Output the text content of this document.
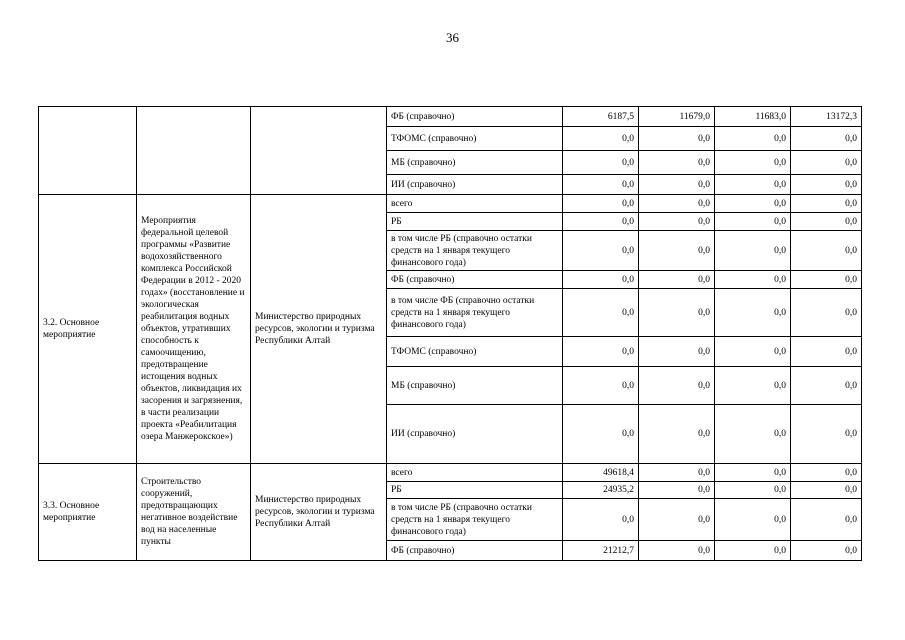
36
			ФБ (справочно)	6187,5	11679,0	11683,0	13172,3
			ТФОМС (справочно)	0,0	0,0	0,0	0,0
			МБ (справочно)	0,0	0,0	0,0	0,0
			ИИ (справочно)	0,0	0,0	0,0	0,0
3.2. Основное мероприятие	Мероприятия федеральной целевой программы «Развитие водохозяйственного комплекса Российской Федерации в 2012 - 2020 годах» (восстановление и экологическая реабилитация водных объектов, утративших способность к самоочищению, предотвращение истощения водных объектов, ликвидация их засорения и загрязнения, в части реализации проекта «Реабилитация озера Манжерокское»)	Министерство природных ресурсов, экологии и туризма Республики Алтай	всего	0,0	0,0	0,0	0,0
			РБ	0,0	0,0	0,0	0,0
			в том числе РБ (справочно остатки средств на 1 января текущего финансового года)	0,0	0,0	0,0	0,0
			ФБ (справочно)	0,0	0,0	0,0	0,0
			в том числе ФБ (справочно остатки средств на 1 января текущего финансового года)	0,0	0,0	0,0	0,0
			ТФОМС (справочно)	0,0	0,0	0,0	0,0
			МБ (справочно)	0,0	0,0	0,0	0,0
			ИИ (справочно)	0,0	0,0	0,0	0,0
3.3. Основное мероприятие	Строительство сооружений, предотвращающих негативное воздействие вод на населенные пункты	Министерство природных ресурсов, экологии и туризма Республики Алтай	всего	49618,4	0,0	0,0	0,0
			РБ	24935,2	0,0	0,0	0,0
			в том числе РБ (справочно остатки средств на 1 января текущего финансового года)	0,0	0,0	0,0	0,0
			ФБ (справочно)	21212,7	0,0	0,0	0,0
